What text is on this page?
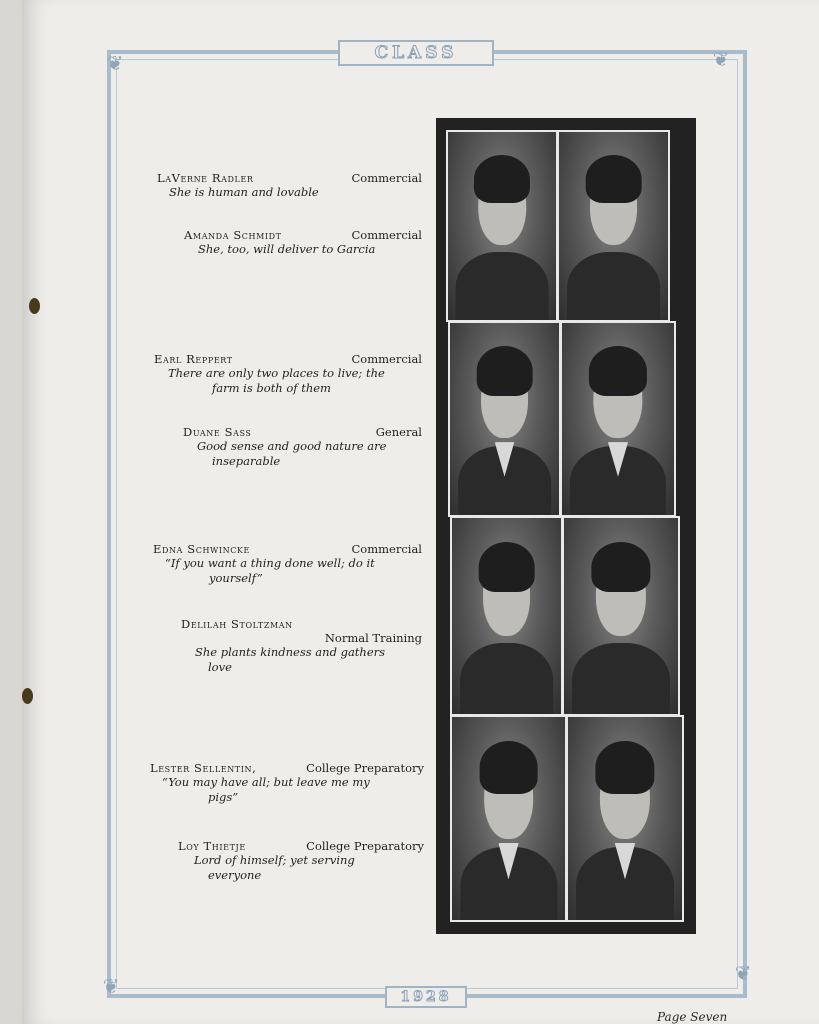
❦	❦
❦
❦
CLASS
1928
Page Seven
LaVerne Radler	Commercial
She is human and lovable
Amanda Schmidt	Commercial
She, too, will deliver to Garcia
Earl Reppert	Commercial
There are only two places to live; the
farm is both of them
Duane Sass	General
Good sense and good nature are
inseparable
Edna Schwincke	Commercial
“If you want a thing done well; do it
yourself”
Delilah Stoltzman
Normal Training
She plants kindness and gathers
love
Lester Sellentin,	College Preparatory
“You may have all; but leave me my
pigs”
Loy Thietje	College Preparatory
Lord of himself; yet serving
everyone
